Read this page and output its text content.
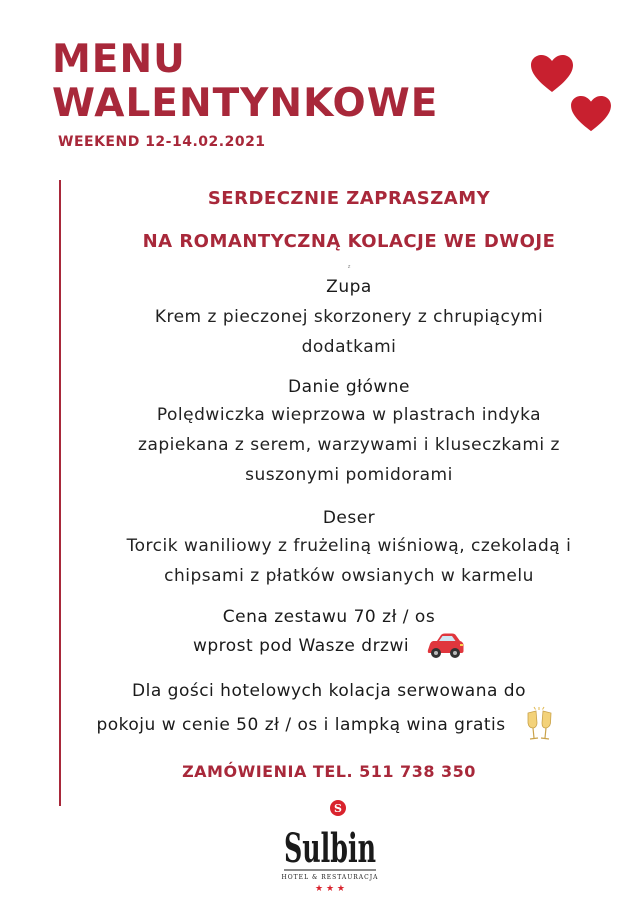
MENU
WALENTYNKOWE
WEEKEND 12-14.02.2021
SERDECZNIE ZAPRASZAMY
NA ROMANTYCZNĄ KOLACJE WE DWOJE
z
Zupa
Krem z pieczonej skorzonery z chrupiącymi
dodatkami
Danie główne
Polędwiczka wieprzowa w plastrach indyka
zapiekana z serem, warzywami i kluseczkami z
suszonymi pomidorami
Deser
Torcik waniliowy z frużeliną wiśniową, czekoladą i
chipsami z płatków owsianych w karmelu
Cena zestawu 70 zł / os
wprost pod Wasze drzwi
Dla gości hotelowych kolacja serwowana do
pokoju w cenie 50 zł / os i lampką wina gratis
ZAMÓWIENIA TEL. 511 738 350
S
Sulbin
HOTEL & RESTAURACJA
★ ★ ★
